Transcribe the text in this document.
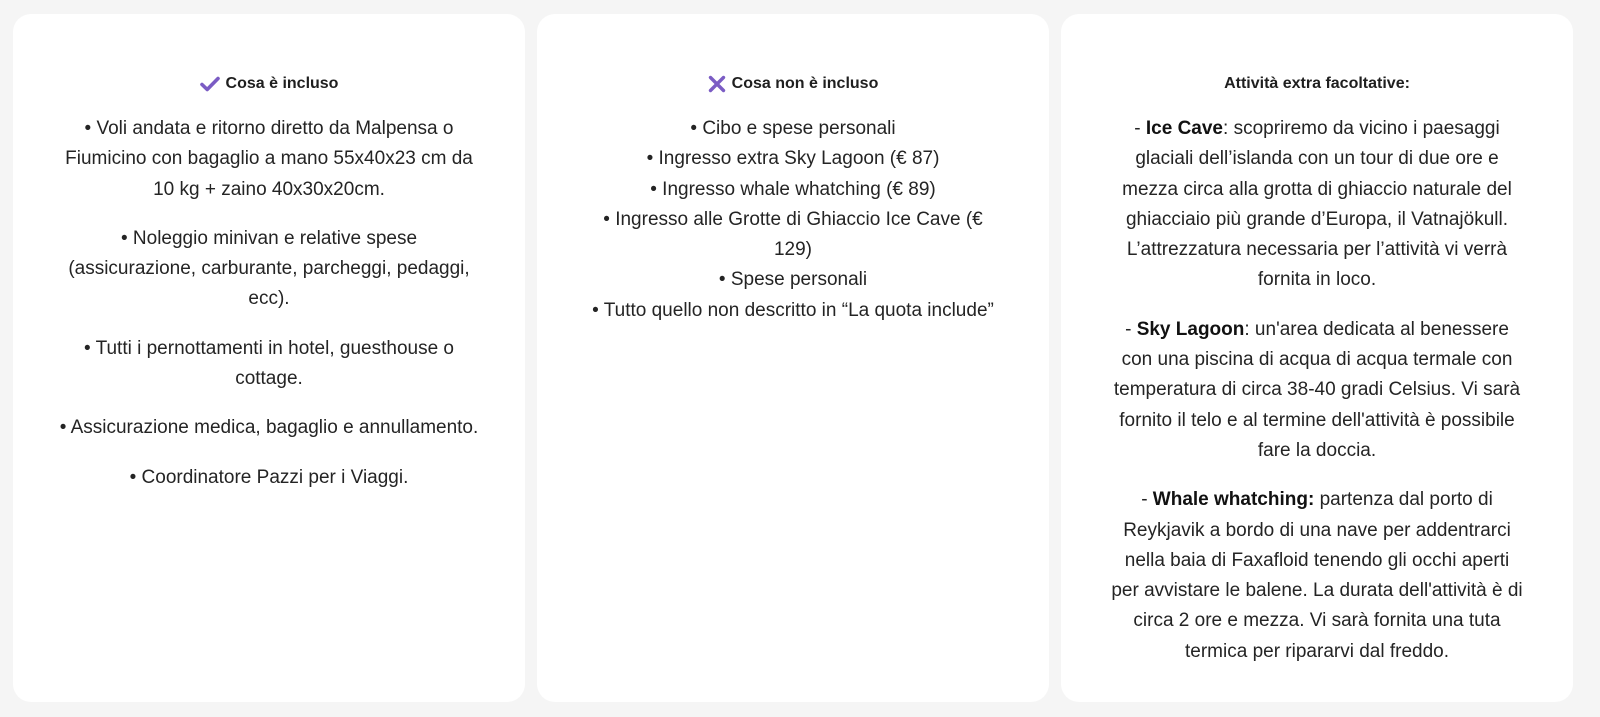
Cosa è incluso

• Voli andata e ritorno diretto da Malpensa o Fiumicino con bagaglio a mano 55x40x23 cm da 10 kg + zaino 40x30x20cm.

• Noleggio minivan e relative spese (assicurazione, carburante, parcheggi, pedaggi, ecc).

• Tutti i pernottamenti in hotel, guesthouse o cottage.

• Assicurazione medica, bagaglio e annullamento.

• Coordinatore Pazzi per i Viaggi.

Cosa non è incluso
• Cibo e spese personali
• Ingresso extra Sky Lagoon (€ 87)
• Ingresso whale whatching (€ 89)
• Ingresso alle Grotte di Ghiaccio Ice Cave (€ 129)
• Spese personali
• Tutto quello non descritto in “La quota include”
Attività extra facoltative:

- Ice Cave: scopriremo da vicino i paesaggi glaciali dell’islanda con un tour di due ore e mezza circa alla grotta di ghiaccio naturale del ghiacciaio più grande d’Europa, il Vatnajökull. L’attrezzatura necessaria per l’attività vi verrà fornita in loco.

- Sky Lagoon: un'area dedicata al benessere con una piscina di acqua di acqua termale con temperatura di circa 38-40 gradi Celsius. Vi sarà fornito il telo e al termine dell'attività è possibile fare la doccia.

- Whale whatching: partenza dal porto di Reykjavik a bordo di una nave per addentrarci nella baia di Faxafloid tenendo gli occhi aperti per avvistare le balene. La durata dell'attività è di circa 2 ore e mezza. Vi sarà fornita una tuta termica per ripararvi dal freddo.
